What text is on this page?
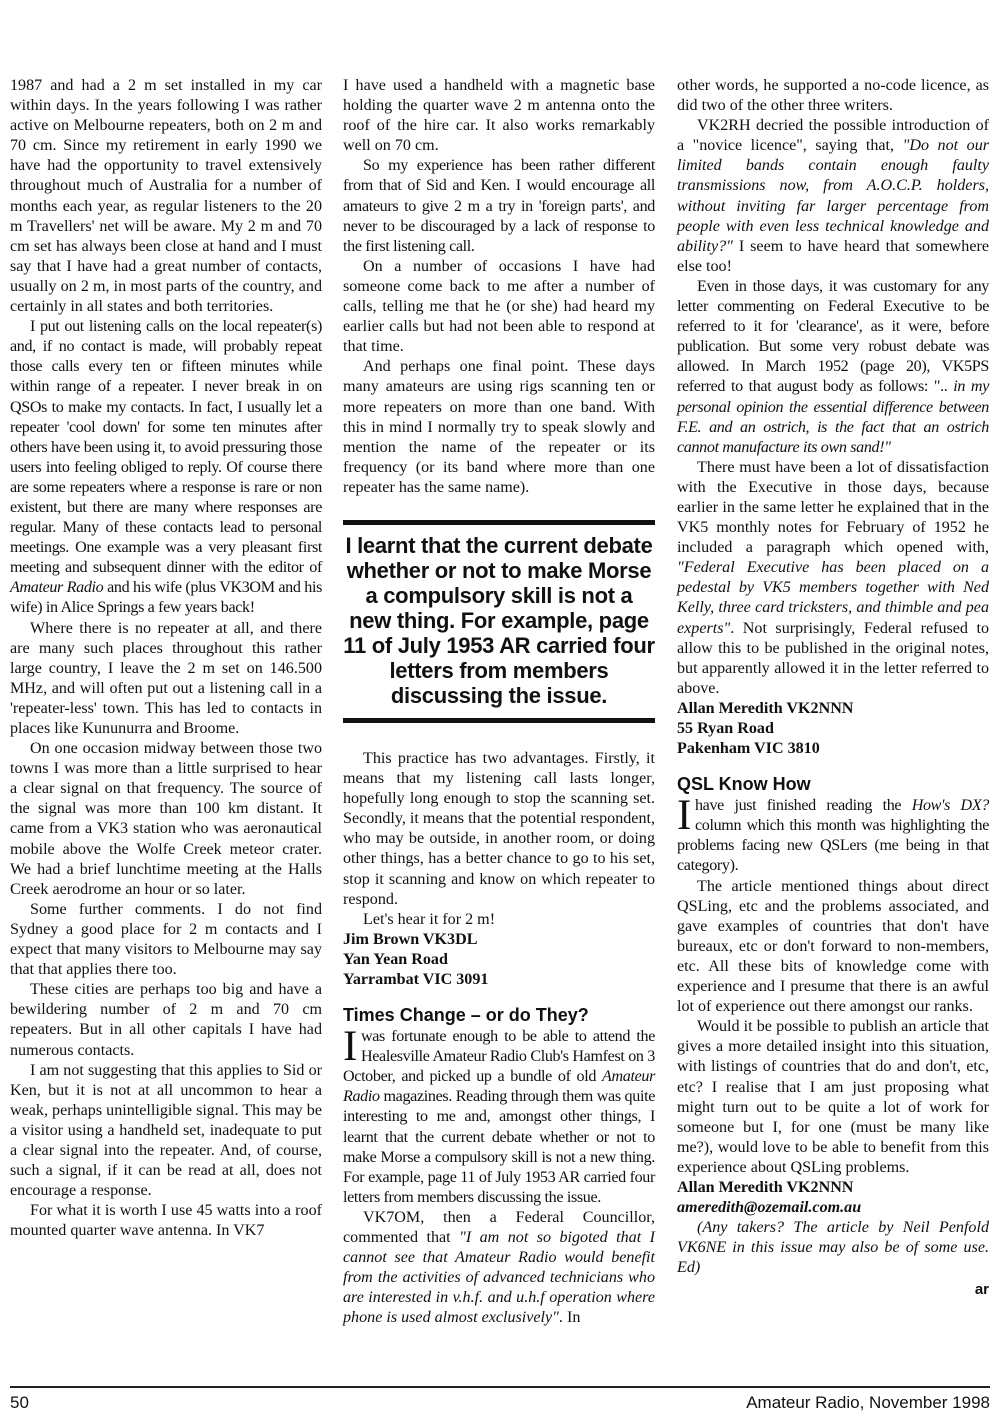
1987 and had a 2 m set installed in my car within days. In the years following I was rather active on Melbourne repeaters, both on 2 m and 70 cm. Since my retirement in early 1990 we have had the opportunity to travel extensively throughout much of Australia for a number of months each year, as regular listeners to the 20 m Travellers' net will be aware. My 2 m and 70 cm set has always been close at hand and I must say that I have had a great number of contacts, usually on 2 m, in most parts of the country, and certainly in all states and both territories.

I put out listening calls on the local repeater(s) and, if no contact is made, will probably repeat those calls every ten or fifteen minutes while within range of a repeater. I never break in on QSOs to make my contacts. In fact, I usually let a repeater 'cool down' for some ten minutes after others have been using it, to avoid pressuring those users into feeling obliged to reply. Of course there are some repeaters where a response is rare or non existent, but there are many where responses are regular. Many of these contacts lead to personal meetings. One example was a very pleasant first meeting and subsequent dinner with the editor of Amateur Radio and his wife (plus VK3OM and his wife) in Alice Springs a few years back!

Where there is no repeater at all, and there are many such places throughout this rather large country, I leave the 2 m set on 146.500 MHz, and will often put out a listening call in a 'repeater-less' town. This has led to contacts in places like Kununurra and Broome.

On one occasion midway between those two towns I was more than a little surprised to hear a clear signal on that frequency. The source of the signal was more than 100 km distant. It came from a VK3 station who was aeronautical mobile above the Wolfe Creek meteor crater. We had a brief lunchtime meeting at the Halls Creek aerodrome an hour or so later.

Some further comments. I do not find Sydney a good place for 2 m contacts and I expect that many visitors to Melbourne may say that that applies there too.

These cities are perhaps too big and have a bewildering number of 2 m and 70 cm repeaters. But in all other capitals I have had numerous contacts.

I am not suggesting that this applies to Sid or Ken, but it is not at all uncommon to hear a weak, perhaps unintelligible signal. This may be a visitor using a handheld set, inadequate to put a clear signal into the repeater. And, of course, such a signal, if it can be read at all, does not encourage a response.

For what it is worth I use 45 watts into a roof mounted quarter wave antenna. In VK7

I have used a handheld with a magnetic base holding the quarter wave 2 m antenna onto the roof of the hire car. It also works remarkably well on 70 cm.

So my experience has been rather different from that of Sid and Ken. I would encourage all amateurs to give 2 m a try in 'foreign parts', and never to be discouraged by a lack of response to the first listening call.

On a number of occasions I have had someone come back to me after a number of calls, telling me that he (or she) had heard my earlier calls but had not been able to respond at that time.

And perhaps one final point. These days many amateurs are using rigs scanning ten or more repeaters on more than one band. With this in mind I normally try to speak slowly and mention the name of the repeater or its frequency (or its band where more than one repeater has the same name).

I learnt that the current debate whether or not to make Morse a compulsory skill is not a new thing. For example, page 11 of July 1953 AR carried four letters from members discussing the issue.

This practice has two advantages. Firstly, it means that my listening call lasts longer, hopefully long enough to stop the scanning set. Secondly, it means that the potential respondent, who may be outside, in another room, or doing other things, has a better chance to go to his set, stop it scanning and know on which repeater to respond.

Let's hear it for 2 m!

Jim Brown VK3DL

Yan Yean Road

Yarrambat VIC 3091

Times Change – or do They?

Iwas fortunate enough to be able to attend the Healesville Amateur Radio Club's Hamfest on 3 October, and picked up a bundle of old Amateur Radio magazines. Reading through them was quite interesting to me and, amongst other things, I learnt that the current debate whether or not to make Morse a compulsory skill is not a new thing. For example, page 11 of July 1953 AR carried four letters from members discussing the issue.

VK7OM, then a Federal Councillor, commented that "I am not so bigoted that I cannot see that Amateur Radio would benefit from the activities of advanced technicians who are interested in v.h.f. and u.h.f operation where phone is used almost exclusively". In

other words, he supported a no-code licence, as did two of the other three writers.

VK2RH decried the possible introduction of a "novice licence", saying that, "Do not our limited bands contain enough faulty transmissions now, from A.O.C.P. holders, without inviting far larger percentage from people with even less technical knowledge and ability?" I seem to have heard that somewhere else too!

Even in those days, it was customary for any letter commenting on Federal Executive to be referred to it for 'clearance', as it were, before publication. But some very robust debate was allowed. In March 1952 (page 20), VK5PS referred to that august body as follows: ".. in my personal opinion the essential difference between F.E. and an ostrich, is the fact that an ostrich cannot manufacture its own sand!"

There must have been a lot of dissatisfaction with the Executive in those days, because earlier in the same letter he explained that in the VK5 monthly notes for February of 1952 he included a paragraph which opened with, "Federal Executive has been placed on a pedestal by VK5 members together with Ned Kelly, three card tricksters, and thimble and pea experts". Not surprisingly, Federal refused to allow this to be published in the original notes, but apparently allowed it in the letter referred to above.

Allan Meredith VK2NNN

55 Ryan Road

Pakenham VIC 3810

QSL Know How

Ihave just finished reading the How's DX? column which this month was highlighting the problems facing new QSLers (me being in that category).

The article mentioned things about direct QSLing, etc and the problems associated, and gave examples of countries that don't have bureaux, etc or don't forward to non-members, etc. All these bits of knowledge come with experience and I presume that there is an awful lot of experience out there amongst our ranks.

Would it be possible to publish an article that gives a more detailed insight into this situation, with listings of countries that do and don't, etc, etc? I realise that I am just proposing what might turn out to be quite a lot of work for someone but I, for one (must be many like me?), would love to be able to benefit from this experience about QSLing problems.

Allan Meredith VK2NNN

ameredith@ozemail.com.au

(Any takers? The article by Neil Penfold VK6NE in this issue may also be of some use. Ed)

ar
50	Amateur Radio, November 1998
